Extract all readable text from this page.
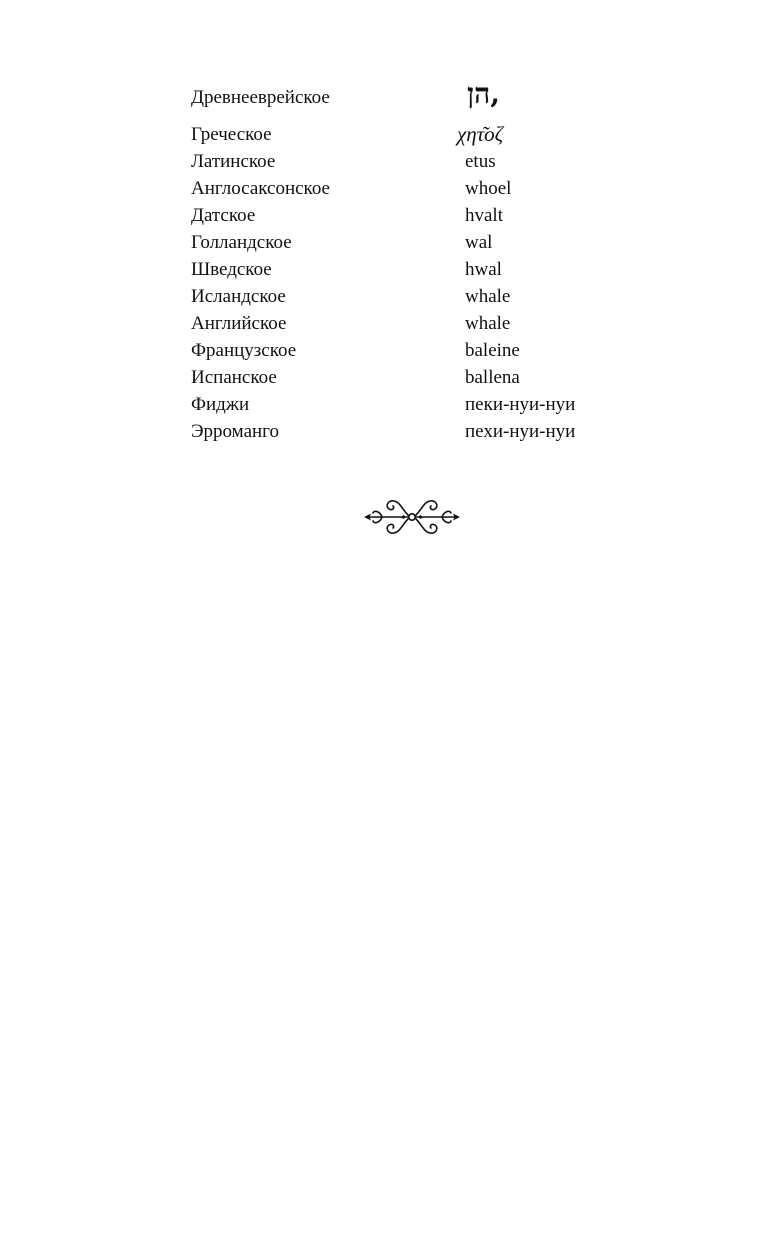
Древнееврейское	הן,
Греческое	χητ͂οζ
Латинское	etus
Англосаксонское	whoel
Датское	hvalt
Голландское	wal
Шведское	hwal
Исландское	whale
Английское	whale
Французское	baleine
Испанское	ballena
Фиджи	пеки-нуи-нуи
Эрроманго	пехи-нуи-нуи
